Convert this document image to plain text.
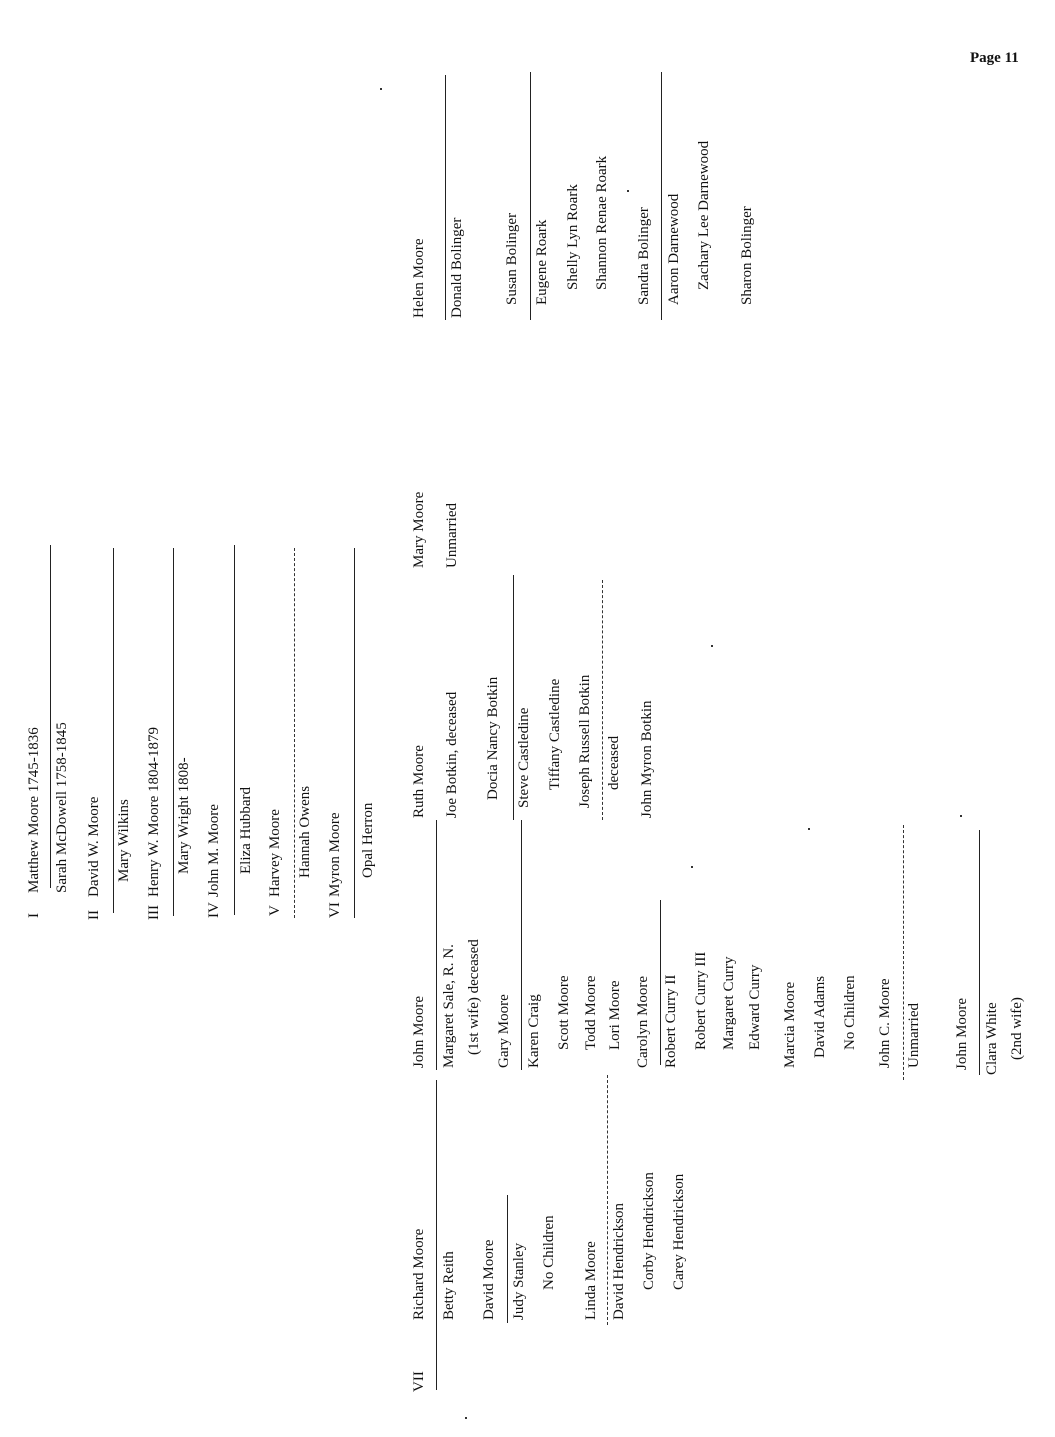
Page 11
I
Matthew Moore 1745-1836 Sarah McDowell 1758-1845
II
David W. Moore Mary Wilkins
III
Henry W. Moore 1804-1879 Mary Wright 1808-
IV
John M. Moore Eliza Hubbard
V
Harvey Moore Hannah Owens
VI
Myron Moore Opal Herron
VII
Richard Moore Betty Reith David Moore Judy Stanley No Children Linda Moore David Hendrickson Corby Hendrickson Carey Hendrickson
John Moore Margaret Sale, R. N. (1st wife) deceased Gary Moore Karen Craig Scott Moore Todd Moore Lori Moore Carolyn Moore Robert Curry II Robert Curry III Margaret Curry Edward Curry Marcia Moore David Adams No Children John C. Moore Unmarried John Moore Clara White (2nd wife)
Ruth Moore Joe Botkin, deceased Docia Nancy Botkin Steve Castledine Tiffany Castledine Joseph Russell Botkin deceased John Myron Botkin
Mary Moore Unmarried
Helen Moore Donald Bolinger	Susan Bolinger Eugene Roark Shelly Lyn Roark Shannon Renae Roark Sandra Bolinger Aaron Darnewood Zachary Lee Darnewood Sharon Bolinger
